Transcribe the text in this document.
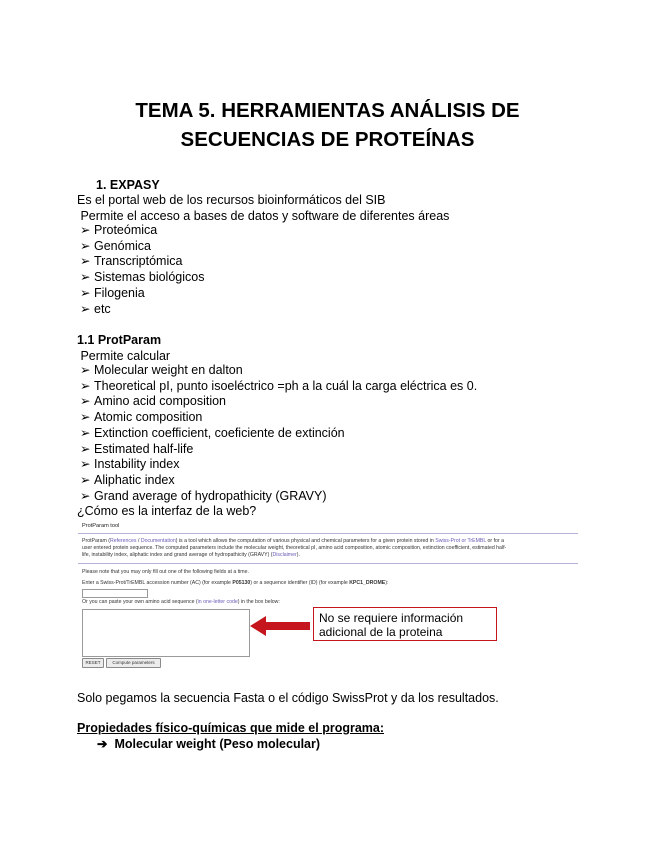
TEMA 5. HERRAMIENTAS ANÁLISIS DE
SECUENCIAS DE PROTEÍNAS
1. EXPASY
Es el portal web de los recursos bioinformáticos del SIB
Permite el acceso a bases de datos y software de diferentes áreas
➢ Proteómica
➢ Genómica
➢ Transcriptómica
➢ Sistemas biológicos
➢ Filogenia
➢ etc
1.1 ProtParam
Permite calcular
➢ Molecular weight en dalton
➢ Theoretical pI, punto isoeléctrico =ph a la cuál la carga eléctrica es 0.
➢ Amino acid composition
➢ Atomic composition
➢ Extinction coefficient, coeficiente de extinción
➢ Estimated half-life
➢ Instability index
➢ Aliphatic index
➢ Grand average of hydropathicity (GRAVY)
¿Cómo es la interfaz de la web?
ProtParam tool
ProtParam (References / Documentation) is a tool which allows the computation of various physical and chemical parameters for a given protein stored in Swiss-Prot or TrEMBL or for a
user entered protein sequence. The computed parameters include the molecular weight, theoretical pI, amino acid composition, atomic composition, extinction coefficient, estimated half-
life, instability index, aliphatic index and grand average of hydropathicity (GRAVY) (Disclaimer).
Please note that you may only fill out one of the following fields at a time.
Enter a Swiss-Prot/TrEMBL accession number (AC) (for example P05130) or a sequence identifier (ID) (for example KPC1_DROME):
Or you can paste your own amino acid sequence (in one-letter code) in the box below:
RESET	Compute parameters
No se requiere información
adicional de la proteina
Solo pegamos la secuencia Fasta o el código SwissProt y da los resultados.
Propiedades físico-químicas que mide el programa:
➔ Molecular weight (Peso molecular)
